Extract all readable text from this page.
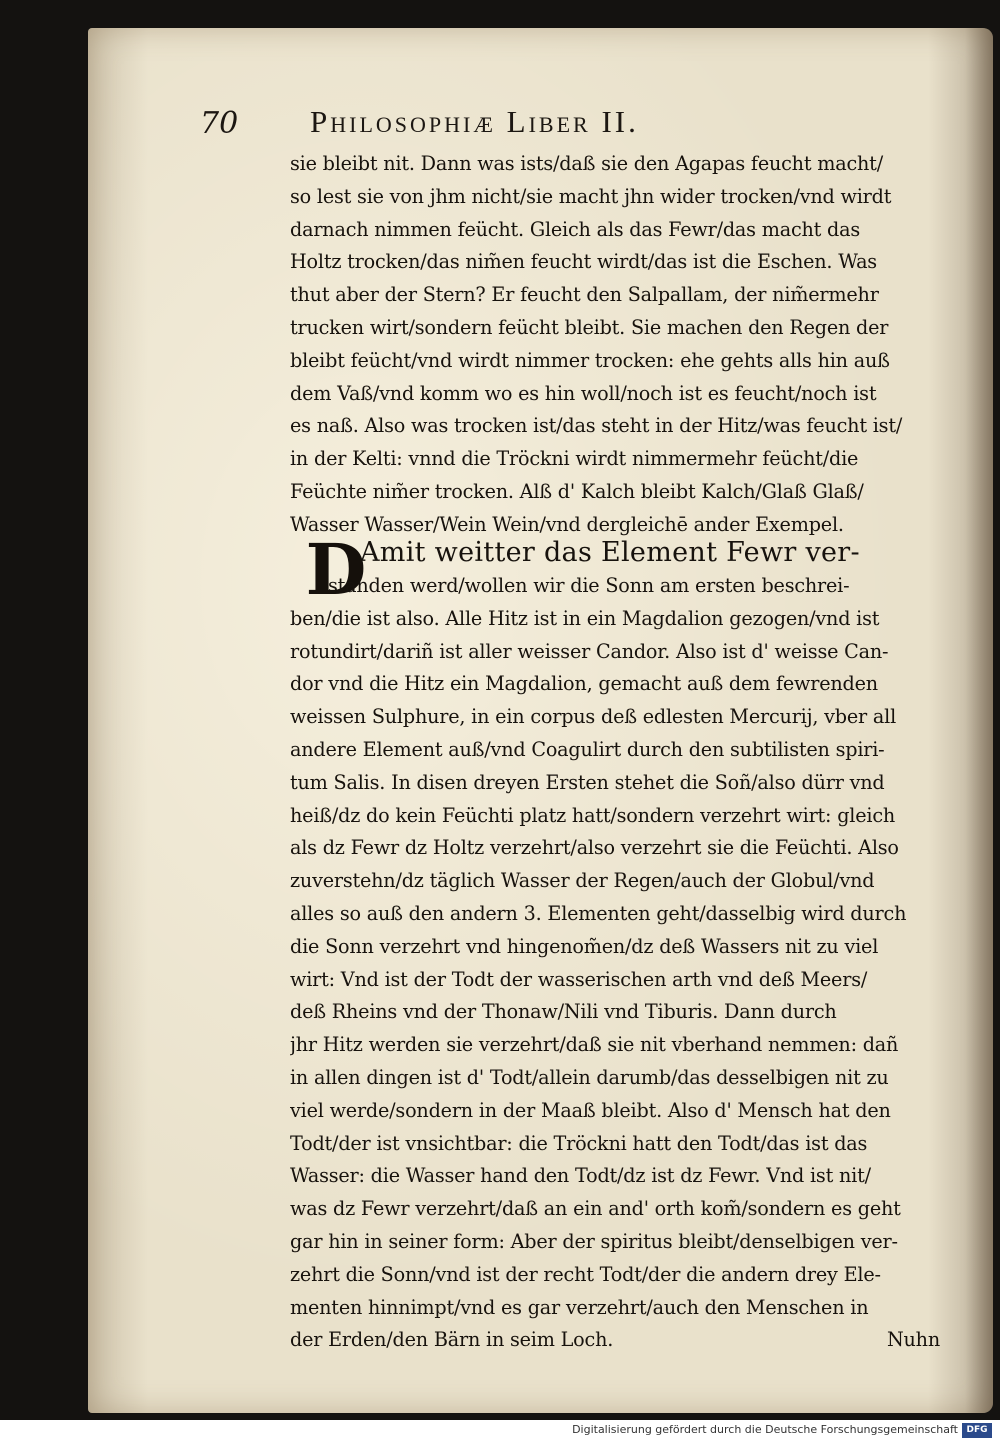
70 Philosophiæ Liber II.
sie bleibt nit. Dann was ists/daß sie den Agapas feucht macht/
so lest sie von jhm nicht/sie macht jhn wider trocken/vnd wirdt
darnach nimmen feücht. Gleich als das Fewr/das macht das
Holtz trocken/das nim̃en feucht wirdt/das ist die Eschen. Was
thut aber der Stern? Er feucht den Salpallam, der nim̃ermehr
trucken wirt/sondern feücht bleibt. Sie machen den Regen der
bleibt feücht/vnd wirdt nimmer trocken: ehe gehts alls hin auß
dem Vaß/vnd komm wo es hin woll/noch ist es feucht/noch ist
es naß. Also was trocken ist/das steht in der Hitz/was feucht ist/
in der Kelti: vnnd die Tröckni wirdt nimmermehr feücht/die
Feüchte nim̃er trocken. Alß d' Kalch bleibt Kalch/Glaß Glaß/
Wasser Wasser/Wein Wein/vnd dergleichē ander Exempel.
D
Amit weitter das Element Fewr ver-
standen werd/wollen wir die Sonn am ersten beschrei-
ben/die ist also. Alle Hitz ist in ein Magdalion gezogen/vnd ist
rotundirt/dariñ ist aller weisser Candor. Also ist d' weisse Can-
dor vnd die Hitz ein Magdalion, gemacht auß dem fewrenden
weissen Sulphure, in ein corpus deß edlesten Mercurij, vber all
andere Element auß/vnd Coagulirt durch den subtilisten spiri-
tum Salis. In disen dreyen Ersten stehet die Soñ/also dürr vnd
heiß/dz do kein Feüchti platz hatt/sondern verzehrt wirt: gleich
als dz Fewr dz Holtz verzehrt/also verzehrt sie die Feüchti. Also
zuverstehn/dz täglich Wasser der Regen/auch der Globul/vnd
alles so auß den andern 3. Elementen geht/dasselbig wird durch
die Sonn verzehrt vnd hingenom̃en/dz deß Wassers nit zu viel
wirt: Vnd ist der Todt der wasserischen arth vnd deß Meers/
deß Rheins vnd der Thonaw/Nili vnd Tiburis. Dann durch
jhr Hitz werden sie verzehrt/daß sie nit vberhand nemmen: dañ
in allen dingen ist d' Todt/allein darumb/das desselbigen nit zu
viel werde/sondern in der Maaß bleibt. Also d' Mensch hat den
Todt/der ist vnsichtbar: die Tröckni hatt den Todt/das ist das
Wasser: die Wasser hand den Todt/dz ist dz Fewr. Vnd ist nit/
was dz Fewr verzehrt/daß an ein and' orth kom̃/sondern es geht
gar hin in seiner form: Aber der spiritus bleibt/denselbigen ver-
zehrt die Sonn/vnd ist der recht Todt/der die andern drey Ele-
menten hinnimpt/vnd es gar verzehrt/auch den Menschen in
der Erden/den Bärn in seim Loch.	Nuhn
Digitalisierung gefördert durch die Deutsche Forschungsgemeinschaft DFG
